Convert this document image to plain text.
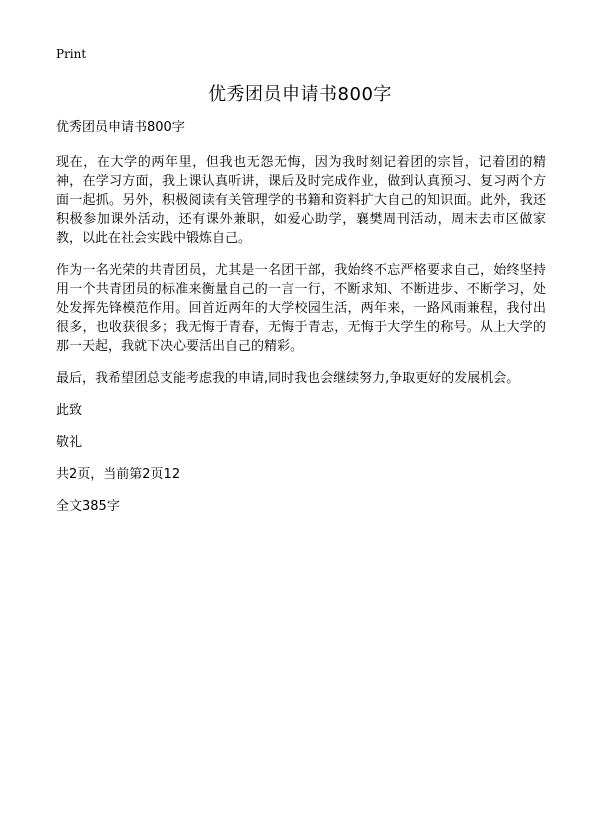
Print
优秀团员申请书800字

优秀团员申请书800字

现在，在大学的两年里，但我也无怨无悔，因为我时刻记着团的宗旨，记着团的精神，在学习方面，我上课认真听讲，课后及时完成作业，做到认真预习、复习两个方面一起抓。另外，积极阅读有关管理学的书籍和资料扩大自己的知识面。此外，我还积极参加课外活动，还有课外兼职，如爱心助学，襄樊周刊活动，周末去市区做家教，以此在社会实践中锻炼自己。

作为一名光荣的共青团员，尤其是一名团干部，我始终不忘严格要求自己，始终坚持用一个共青团员的标准来衡量自己的一言一行，不断求知、不断进步、不断学习，处处发挥先锋模范作用。回首近两年的大学校园生活，两年来，一路风雨兼程，我付出很多，也收获很多；我无悔于青春，无悔于青志，无悔于大学生的称号。从上大学的那一天起，我就下决心要活出自己的精彩。

最后，我希望团总支能考虑我的申请,同时我也会继续努力,争取更好的发展机会。

此致

敬礼

共2页，当前第2页12

全文385字
